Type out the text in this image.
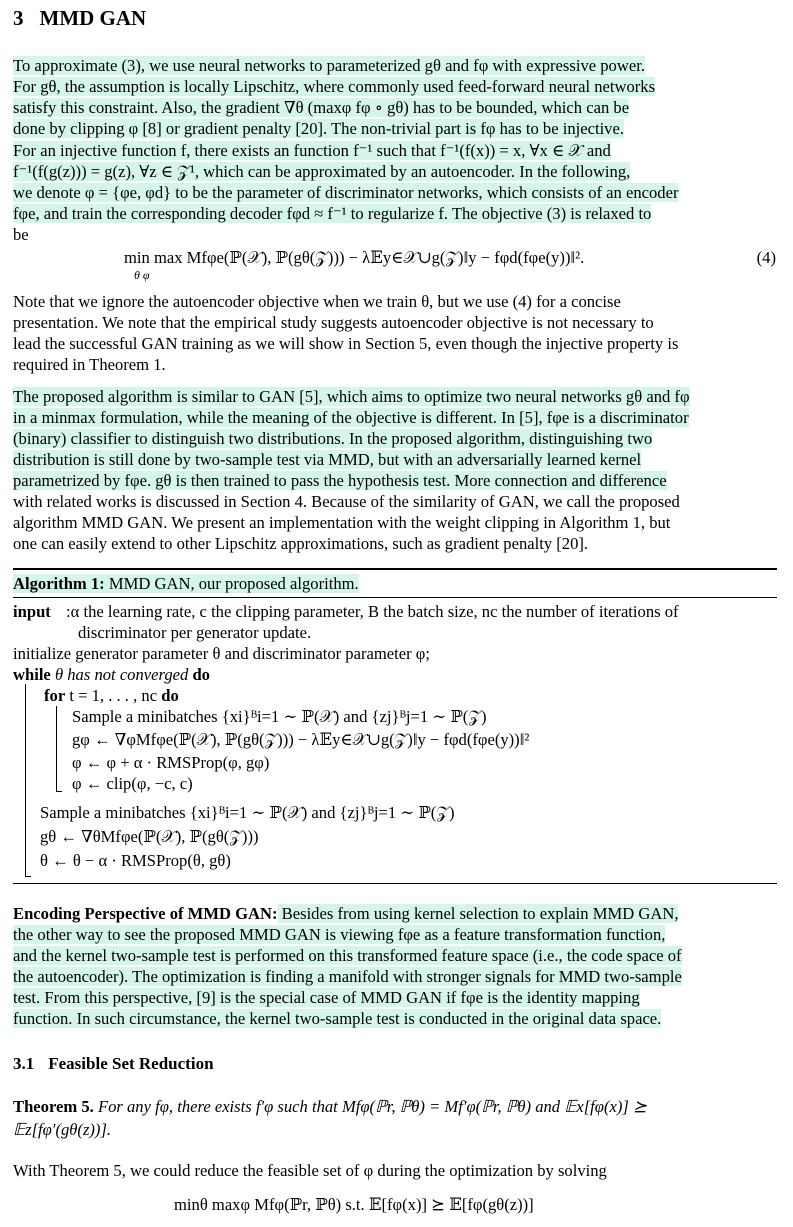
3 MMD GAN
To approximate (3), we use neural networks to parameterized gθ and fφ with expressive power.
For gθ, the assumption is locally Lipschitz, where commonly used feed-forward neural networks
satisfy this constraint. Also, the gradient ∇θ (maxφ fφ ∘ gθ) has to be bounded, which can be
done by clipping φ [8] or gradient penalty [20]. The non-trivial part is fφ has to be injective.
For an injective function f, there exists an function f⁻¹ such that f⁻¹(f(x)) = x, ∀x ∈ 𝒳 and
f⁻¹(f(g(z))) = g(z), ∀z ∈ 𝒵¹, which can be approximated by an autoencoder. In the following,
we denote φ = {φe, φd} to be the parameter of discriminator networks, which consists of an encoder
fφe, and train the corresponding decoder fφd ≈ f⁻¹ to regularize f. The objective (3) is relaxed to
be
min max Mfφe(ℙ(𝒳), ℙ(gθ(𝒵))) − λ𝔼y∈𝒳∪g(𝒵)‖y − fφd(fφe(y))‖².
θ φ
(4)
Note that we ignore the autoencoder objective when we train θ, but we use (4) for a concise
presentation. We note that the empirical study suggests autoencoder objective is not necessary to
lead the successful GAN training as we will show in Section 5, even though the injective property is
required in Theorem 1.
The proposed algorithm is similar to GAN [5], which aims to optimize two neural networks gθ and fφ
in a minmax formulation, while the meaning of the objective is different. In [5], fφe is a discriminator
(binary) classifier to distinguish two distributions. In the proposed algorithm, distinguishing two
distribution is still done by two-sample test via MMD, but with an adversarially learned kernel
parametrized by fφe. gθ is then trained to pass the hypothesis test. More connection and difference
with related works is discussed in Section 4. Because of the similarity of GAN, we call the proposed
algorithm MMD GAN. We present an implementation with the weight clipping in Algorithm 1, but
one can easily extend to other Lipschitz approximations, such as gradient penalty [20].
Algorithm 1: MMD GAN, our proposed algorithm.
input :α the learning rate, c the clipping parameter, B the batch size, nc the number of iterations of
discriminator per generator update.
initialize generator parameter θ and discriminator parameter φ;
while θ has not converged do
for t = 1, . . . , nc do
Sample a minibatches {xi}ᴮi=1 ∼ ℙ(𝒳) and {zj}ᴮj=1 ∼ ℙ(𝒵)
gφ ← ∇φMfφe(ℙ(𝒳), ℙ(gθ(𝒵))) − λ𝔼y∈𝒳∪g(𝒵)‖y − fφd(fφe(y))‖²
φ ← φ + α · RMSProp(φ, gφ)
φ ← clip(φ, −c, c)
Sample a minibatches {xi}ᴮi=1 ∼ ℙ(𝒳) and {zj}ᴮj=1 ∼ ℙ(𝒵)
gθ ← ∇θMfφe(ℙ(𝒳), ℙ(gθ(𝒵)))
θ ← θ − α · RMSProp(θ, gθ)
Encoding Perspective of MMD GAN: Besides from using kernel selection to explain MMD GAN,
the other way to see the proposed MMD GAN is viewing fφe as a feature transformation function,
and the kernel two-sample test is performed on this transformed feature space (i.e., the code space of
the autoencoder). The optimization is finding a manifold with stronger signals for MMD two-sample
test. From this perspective, [9] is the special case of MMD GAN if fφe is the identity mapping
function. In such circumstance, the kernel two-sample test is conducted in the original data space.
3.1 Feasible Set Reduction
Theorem 5. For any fφ, there exists f′φ such that Mfφ(ℙr, ℙθ) = Mf′φ(ℙr, ℙθ) and 𝔼x[fφ(x)] ⪰
𝔼z[fφ′(gθ(z))].
With Theorem 5, we could reduce the feasible set of φ during the optimization by solving
minθ maxφ Mfφ(ℙr, ℙθ) s.t. 𝔼[fφ(x)] ⪰ 𝔼[fφ(gθ(z))]
